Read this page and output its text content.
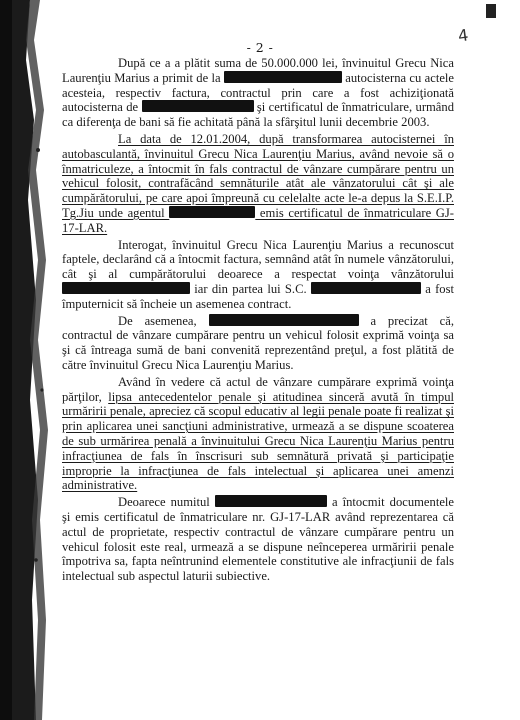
4
- 2 -

După ce a a plătit suma de 50.000.000 lei, învinuitul Grecu Nica Laurenţiu Marius a primit de la	autocisterna cu actele acesteia, respectiv factura, contractul prin care a fost achiziţionată autocisterna de	şi certificatul de înmatriculare, urmând ca diferenţa de bani să fie achitată până la sfârşitul lunii decembrie 2003.

La data de 12.01.2004, după transformarea autocisternei în autobasculantă, învinuitul Grecu Nica Laurenţiu Marius, având nevoie să o înmatriculeze, a întocmit în fals contractul de vânzare cumpărare pentru un vehicul folosit, contrafăcând semnăturile atât ale vânzatorului cât şi ale cumpărătorului, pe care apoi împreună cu celelalte acte le-a depus la S.E.I.P. Tg.Jiu unde agentul	emis certificatul de înmatriculare GJ-17-LAR.

Interogat, învinuitul Grecu Nica Laurenţiu Marius a recunoscut faptele, declarând că a întocmit factura, semnând atât în numele vânzătorului, cât şi al cumpărătorului deoarece a respectat voinţa vânzătorului  iar din partea lui S.C.	a fost împuternicit să încheie un asemenea contract.

De asemenea,	a precizat că, contractul de vânzare cumpărare pentru un vehicul folosit exprimă voinţa sa şi că întreaga sumă de bani convenită reprezentând preţul, a fost plătită de către învinuitul Grecu Nica Laurenţiu Marius.

Având în vedere că actul de vânzare cumpărare exprimă voinţa părţilor, lipsa antecedentelor penale şi atitudinea sinceră avută în timpul urmăririi penale, apreciez că scopul educativ al legii penale poate fi realizat şi prin aplicarea unei sancţiuni administrative, urmează a se dispune scoaterea de sub urmărirea penală a învinuitului Grecu Nica Laurenţiu Marius pentru infracţiunea de fals în înscrisuri sub semnătură privată şi participaţie improprie la infracţiunea de fals intelectual şi aplicarea unei amenzi administrative.

Deoarece numitul	a întocmit documentele şi emis certificatul de înmatriculare nr. GJ-17-LAR având reprezentarea că actul de proprietate, respectiv contractul de vânzare cumpărare pentru un vehicul folosit este real, urmează a se dispune neînceperea urmăririi penale împotriva sa, fapta neîntrunind elementele constitutive ale infracţiunii de fals intelectual sub aspectul laturii subiective.
